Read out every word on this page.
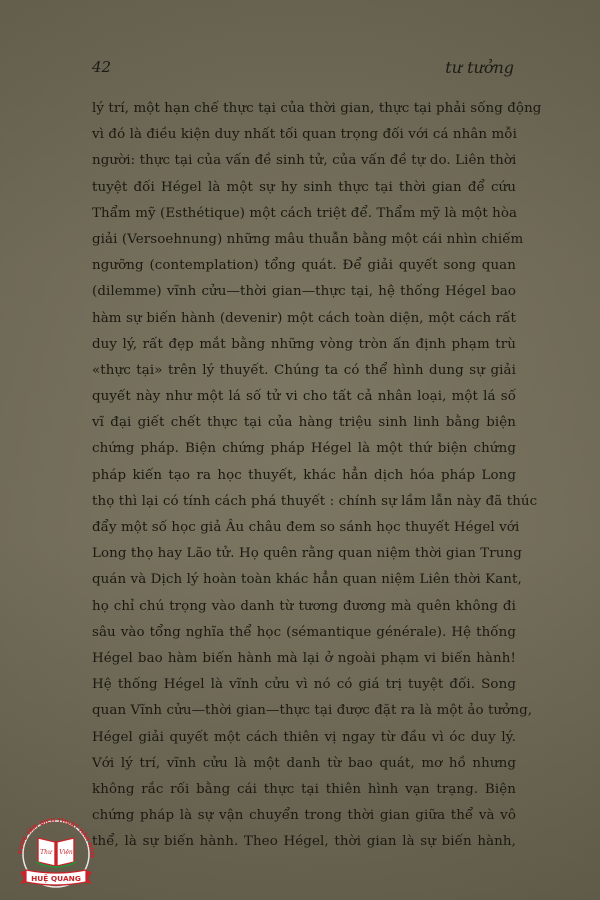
42	tư tưởng
lý trí, một hạn chế thực tại của thời gian, thực tại phải sống động
vì đó là điều kiện duy nhất tối quan trọng đối với cá nhân mỗi
người: thực tại của vấn đề sinh tử, của vấn đề tự do. Liên thời
tuyệt đối Hégel là một sự hy sinh thực tại thời gian để cứu
Thẩm mỹ (Esthétique) một cách triệt để. Thẩm mỹ là một hòa
giải (Versoehnung) những mâu thuẫn bằng một cái nhìn chiếm
ngưỡng (contemplation) tổng quát. Để giải quyết song quan
(dilemme) vĩnh cửu—thời gian—thực tại, hệ thống Hégel bao
hàm sự biến hành (devenir) một cách toàn diện, một cách rất
duy lý, rất đẹp mắt bằng những vòng tròn ấn định phạm trù
«thực tại» trên lý thuyết. Chúng ta có thể hình dung sự giải
quyết này như một lá số tử vi cho tất cả nhân loại, một lá số
vĩ đại giết chết thực tại của hàng triệu sinh linh bằng biện
chứng pháp. Biện chứng pháp Hégel là một thứ biện chứng
pháp kiến tạo ra học thuyết, khác hẳn dịch hóa pháp Long
thọ thì lại có tính cách phá thuyết : chính sự lầm lẫn này đã thúc
đẩy một số học giả Âu châu đem so sánh học thuyết Hégel với
Long thọ hay Lão tử. Họ quên rằng quan niệm thời gian Trung
quán và Dịch lý hoàn toàn khác hẳn quan niệm Liên thời Kant,
họ chỉ chú trọng vào danh từ tương đương mà quên không đi
sâu vào tổng nghĩa thể học (sémantique générale). Hệ thống
Hégel bao hàm biến hành mà lại ở ngoài phạm vi biến hành!
Hệ thống Hégel là vĩnh cửu vì nó có giá trị tuyệt đối. Song
quan Vĩnh cửu—thời gian—thực tại được đặt ra là một ảo tưởng,
Hégel giải quyết một cách thiên vị ngay từ đầu vì óc duy lý.
Với lý trí, vĩnh cửu là một danh từ bao quát, mơ hồ nhưng
không rắc rối bằng cái thực tại thiên hình vạn trạng. Biện
chứng pháp là sự vận chuyển trong thời gian giữa thể và vô
thể, là sự biến hành. Theo Hégel, thời gian là sự biến hành,
RUNG TÂM DỊCH THUẬT HÁN NÔM
Thư Viện
HUỆ QUANG
